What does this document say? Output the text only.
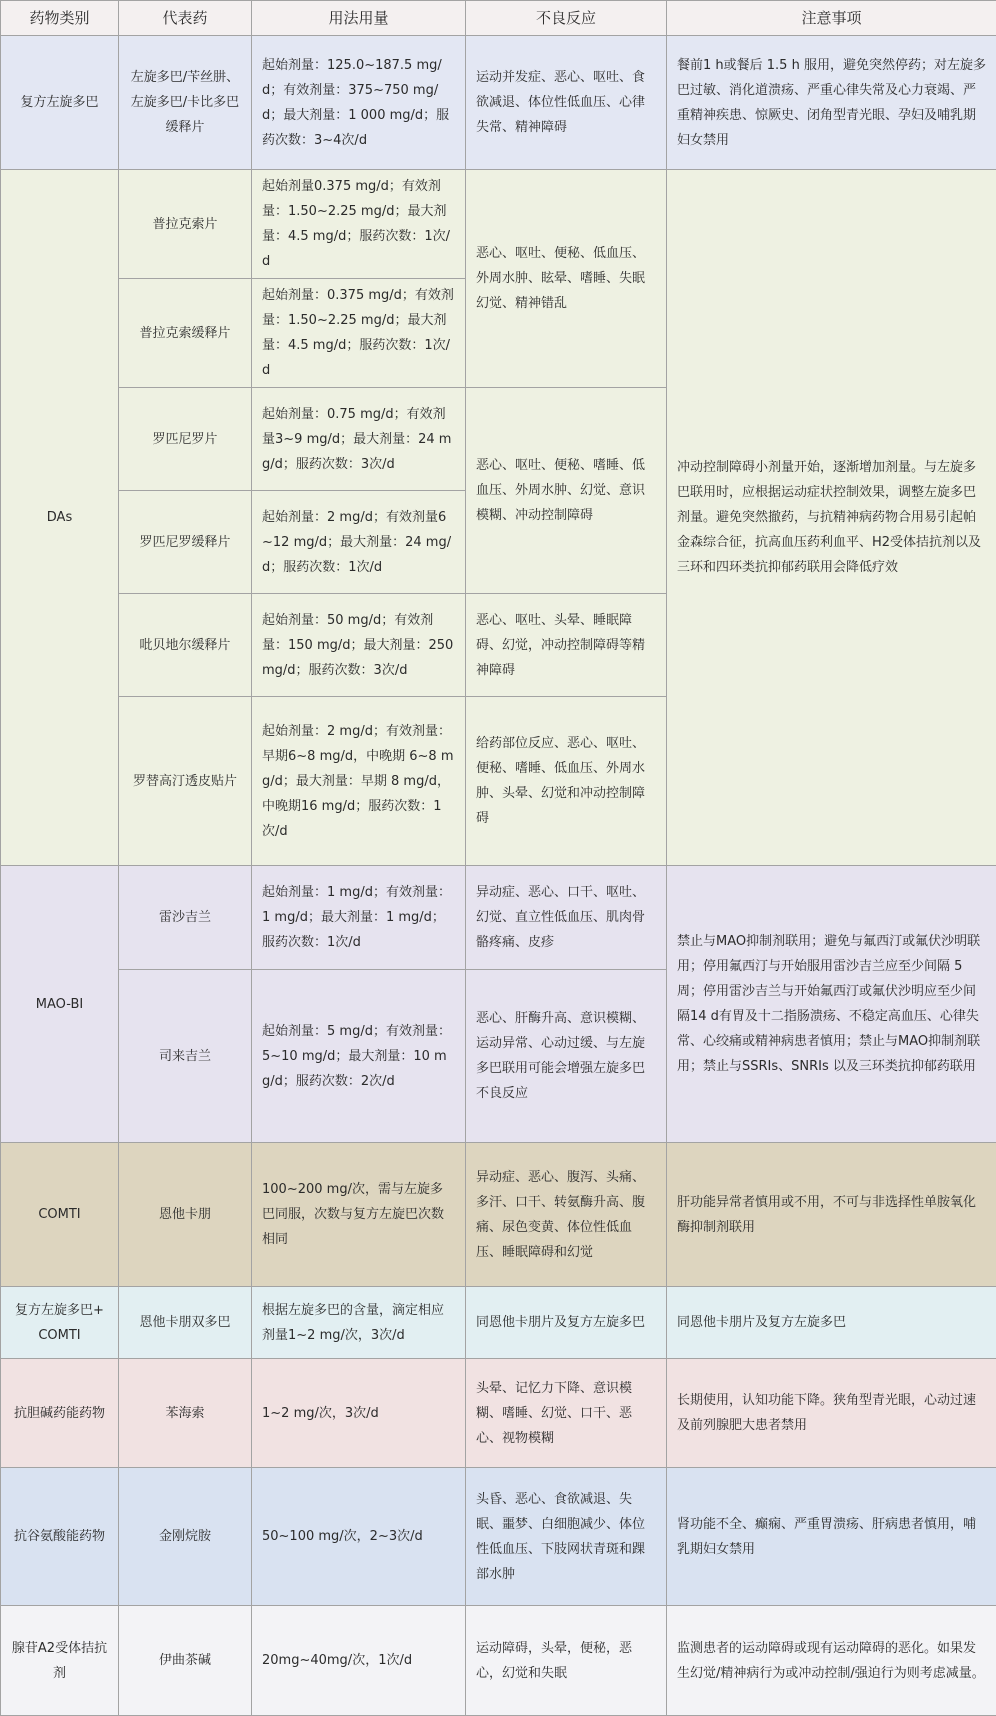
药物类别	代表药	用法用量	不良反应	注意事项
复方左旋多巴	左旋多巴/苄丝肼、左旋多巴/卡比多巴缓释片	起始剂量：125.0~187.5 mg/d；有效剂量：375~750 mg/d；最大剂量：1 000 mg/d；服药次数：3~4次/d	运动并发症、恶心、呕吐、食欲减退、体位性低血压、心律失常、精神障碍	餐前1 h或餐后 1.5 h 服用，避免突然停药；对左旋多巴过敏、消化道溃疡、严重心律失常及心力衰竭、严重精神疾患、惊厥史、闭角型青光眼、孕妇及哺乳期妇女禁用
DAs	普拉克索片	起始剂量0.375 mg/d；有效剂量：1.50~2.25 mg/d；最大剂量：4.5 mg/d；服药次数：1次/d	恶心、呕吐、便秘、低血压、外周水肿、眩晕、嗜睡、失眠幻觉、精神错乱	冲动控制障碍小剂量开始，逐渐增加剂量。与左旋多巴联用时，应根据运动症状控制效果，调整左旋多巴剂量。避免突然撤药，与抗精神病药物合用易引起帕金森综合征，抗高血压药利血平、H2受体拮抗剂以及三环和四环类抗抑郁药联用会降低疗效
	普拉克索缓释片	起始剂量：0.375 mg/d；有效剂量：1.50~2.25 mg/d；最大剂量：4.5 mg/d；服药次数：1次/d		
	罗匹尼罗片	起始剂量：0.75 mg/d；有效剂量3~9 mg/d；最大剂量：24 mg/d；服药次数：3次/d	恶心、呕吐、便秘、嗜睡、低血压、外周水肿、幻觉、意识模糊、冲动控制障碍	
	罗匹尼罗缓释片	起始剂量：2 mg/d；有效剂量6~12 mg/d；最大剂量：24 mg/d；服药次数：1次/d		
	吡贝地尔缓释片	起始剂量：50 mg/d；有效剂量：150 mg/d；最大剂量：250 mg/d；服药次数：3次/d	恶心、呕吐、头晕、睡眠障碍、幻觉，冲动控制障碍等精神障碍	
	罗替高汀透皮贴片	起始剂量：2 mg/d；有效剂量：早期6~8 mg/d，中晚期 6~8 mg/d；最大剂量：早期 8 mg/d，中晚期16 mg/d；服药次数：1次/d	给药部位反应、恶心、呕吐、便秘、嗜睡、低血压、外周水肿、头晕、幻觉和冲动控制障碍	
MAO-BI	雷沙吉兰	起始剂量：1 mg/d；有效剂量：1 mg/d；最大剂量：1 mg/d；服药次数：1次/d	异动症、恶心、口干、呕吐、幻觉、直立性低血压、肌肉骨骼疼痛、皮疹	禁止与MAO抑制剂联用；避免与氟西汀或氟伏沙明联用；停用氟西汀与开始服用雷沙吉兰应至少间隔 5 周；停用雷沙吉兰与开始氟西汀或氟伏沙明应至少间隔14 d有胃及十二指肠溃疡、不稳定高血压、心律失常、心绞痛或精神病患者慎用；禁止与MAO抑制剂联用；禁止与SSRIs、SNRIs 以及三环类抗抑郁药联用
	司来吉兰	起始剂量：5 mg/d；有效剂量：5~10 mg/d；最大剂量：10 mg/d；服药次数：2次/d	恶心、肝酶升高、意识模糊、运动异常、心动过缓、与左旋多巴联用可能会增强左旋多巴不良反应	
COMTI	恩他卡朋	100~200 mg/次，需与左旋多巴同服，次数与复方左旋巴次数相同	异动症、恶心、腹泻、头痛、多汗、口干、转氨酶升高、腹痛、尿色变黄、体位性低血压、睡眠障碍和幻觉	肝功能异常者慎用或不用，不可与非选择性单胺氧化酶抑制剂联用
复方左旋多巴+COMTI	恩他卡朋双多巴	根据左旋多巴的含量，滴定相应剂量1~2 mg/次，3次/d	同恩他卡朋片及复方左旋多巴	同恩他卡朋片及复方左旋多巴
抗胆碱药能药物	苯海索	1~2 mg/次，3次/d	头晕、记忆力下降、意识模糊、嗜睡、幻觉、口干、恶心、视物模糊	长期使用，认知功能下降。狭角型青光眼，心动过速及前列腺肥大患者禁用
抗谷氨酸能药物	金刚烷胺	50~100 mg/次，2~3次/d	头昏、恶心、食欲减退、失眠、噩梦、白细胞减少、体位性低血压、下肢网状青斑和踝部水肿	肾功能不全、癫痫、严重胃溃疡、肝病患者慎用，哺乳期妇女禁用
腺苷A2受体拮抗剂	伊曲茶碱	20mg~40mg/次，1次/d	运动障碍，头晕，便秘，恶心，幻觉和失眠	监测患者的运动障碍或现有运动障碍的恶化。如果发生幻觉/精神病行为或冲动控制/强迫行为则考虑减量。
